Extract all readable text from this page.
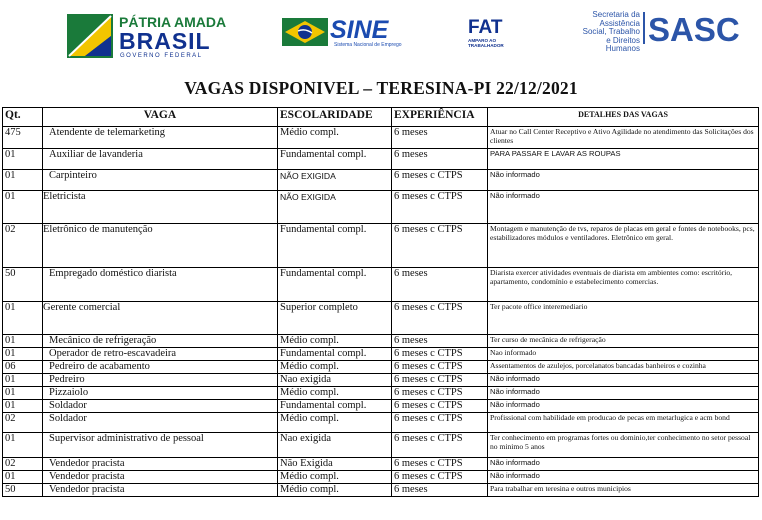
PÁTRIA AMADA
BRASIL
GOVERNO FEDERAL
SINE
Sistema Nacional de Emprego
FAT
AMPARO AO TRABALHADOR
Secretaria da Assistência Social, Trabalho e Direitos Humanos
SASC
VAGAS DISPONIVEL – TERESINA-PI 22/12/2021
Qt.	VAGA	ESCOLARIDADE	EXPERIÊNCIA	DETALHES DAS VAGAS
475	Atendente de telemarketing	Médio compl.	6 meses	Atuar no Call Center Receptivo e Ativo Agilidade no atendimento das Solicitações dos clientes
01	Auxiliar de lavanderia	Fundamental compl.	6 meses	PARA PASSAR E LAVAR AS ROUPAS
01	Carpinteiro	NÃO EXIGIDA	6 meses c CTPS	Não informado
01	Eletricista	NÃO EXIGIDA	6 meses c CTPS	Não informado
02	Eletrônico de manutenção	Fundamental compl.	6 meses c CTPS	Montagem e manutenção de tvs, reparos de placas em geral e fontes de notebooks, pcs, estabilizadores módulos e ventiladores. Eletrônico em geral.
50	Empregado doméstico diarista	Fundamental compl.	6 meses	Diarista exercer atividades eventuais de diarista em ambientes como: escritório, apartamento, condomínio e estabelecimento comercias.
01	Gerente comercial	Superior completo	6 meses c CTPS	Ter pacote office interemediario
01	Mecânico de refrigeração	Médio compl.	6 meses	Ter curso de mecânica de refrigeração
01	Operador de retro-escavadeira	Fundamental compl.	6 meses c CTPS	Nao informado
06	Pedreiro de acabamento	Médio compl.	6 meses c CTPS	Assentamentos de azulejos, porcelanatos bancadas banheiros e cozinha
01	Pedreiro	Nao exigida	6 meses c CTPS	Não informado
01	Pizzaiolo	Médio compl.	6 meses c CTPS	Não informado
01	Soldador	Fundamental compl.	6 meses c CTPS	Não informado
02	Soldador	Médio compl.	6 meses c CTPS	Profissional com habilidade em producao de pecas em metarlugica e acm bond
01	Supervisor administrativo de pessoal	Nao exigida	6 meses c CTPS	Ter conhecimento em programas fortes ou dominio,ter conhecimento no setor pessoal no minimo 5 anos
02	Vendedor pracista	Não Exigida	6 meses c CTPS	Não informado
01	Vendedor pracista	Médio compl.	6 meses c CTPS	Não informado
50	Vendedor pracista	Médio compl.	6 meses	Para trabalhar em teresina e outros municipios
